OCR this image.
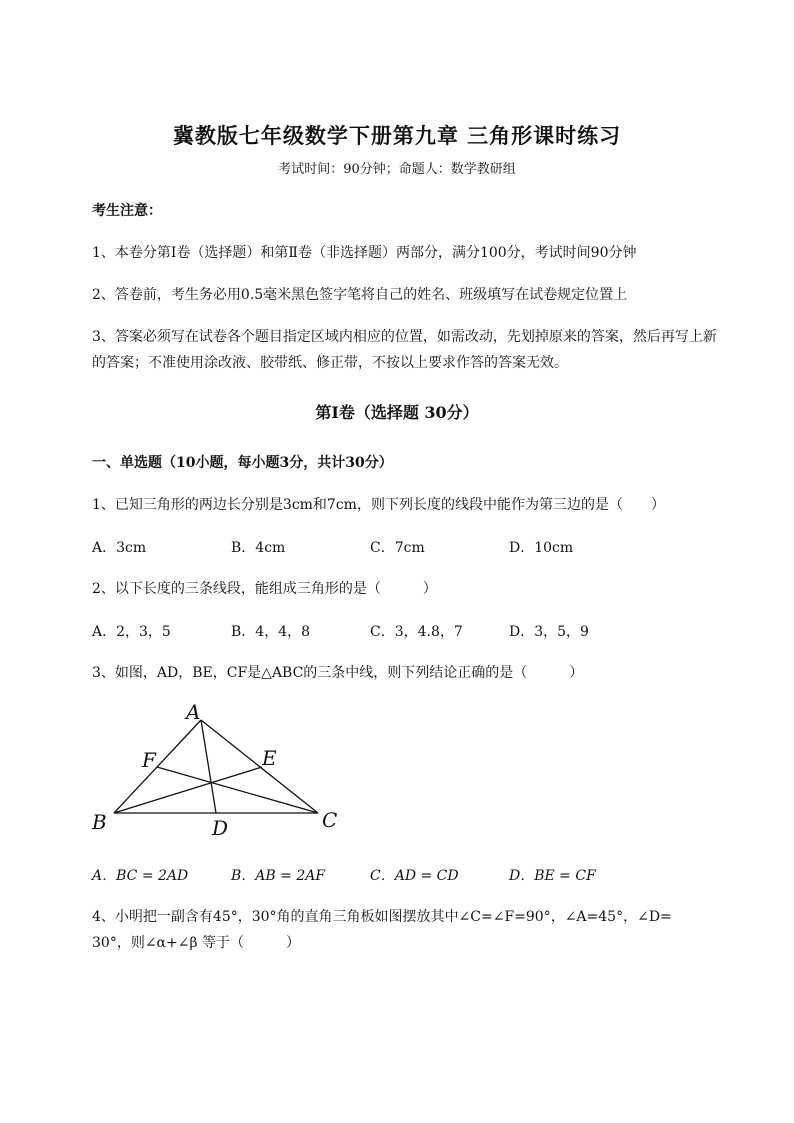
冀教版七年级数学下册第九章 三角形课时练习
考试时间：90分钟；命题人：数学教研组
考生注意：
1、本卷分第Ⅰ卷（选择题）和第Ⅱ卷（非选择题）两部分，满分100分，考试时间90分钟
2、答卷前，考生务必用0.5毫米黑色签字笔将自己的姓名、班级填写在试卷规定位置上
3、答案必须写在试卷各个题目指定区域内相应的位置，如需改动，先划掉原来的答案，然后再写上新
的答案；不准使用涂改液、胶带纸、修正带，不按以上要求作答的答案无效。
第Ⅰ卷（选择题 30分）
一、单选题（10小题，每小题3分，共计30分）
1、已知三角形的两边长分别是3cm和7cm，则下列长度的线段中能作为第三边的是（　　）
A．3cm	B．4cm	C．7cm	D．10cm
2、以下长度的三条线段，能组成三角形的是（　　　）
A．2，3，5	B．4，4，8	C．3，4.8，7	D．3，5，9
3、如图，AD，BE，CF是△ABC的三条中线，则下列结论正确的是（　　　）
A
B	C
D
E
F
A．BC = 2AD	B．AB = 2AF	C．AD = CD	D．BE = CF
4、小明把一副含有45°，30°角的直角三角板如图摆放其中∠C=∠F=90°，∠A=45°，∠D=
30°，则∠α+∠β 等于（　　　）
